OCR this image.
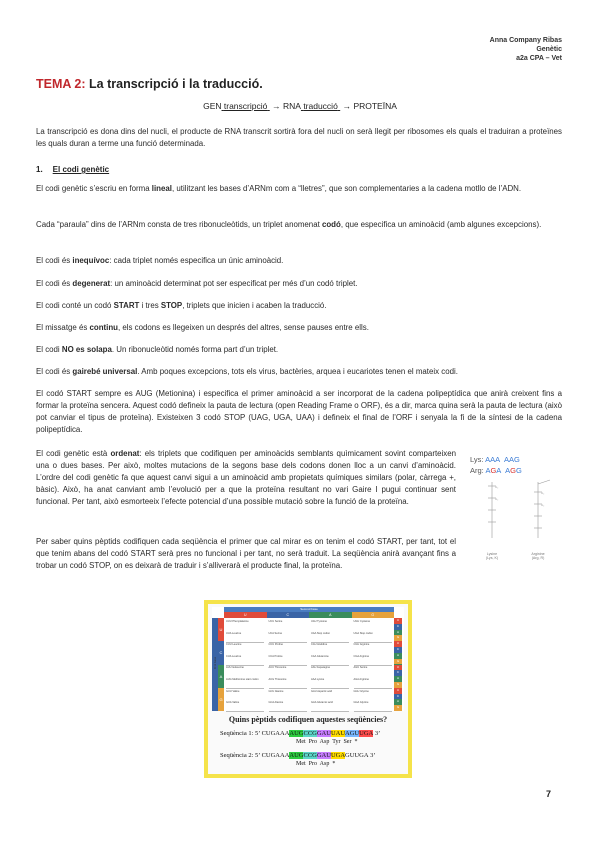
Anna Company Ribas
Genètic
a2a CPA – Vet
TEMA 2: La transcripció i la traducció.
GEN transcripció → RNA traducció → PROTEÏNA
La transcripció es dona dins del nucli, el producte de RNA transcrit sortirà fora del nucli on serà llegit per ribosomes els quals el traduiran a proteïnes les quals duran a terme una funció determinada.
1. El codi genètic
El codi genètic s’escriu en forma lineal, utilitzant les bases d’ARNm com a “lletres”, que son complementaries a la cadena motllo de l’ADN.
Cada “paraula” dins de l’ARNm consta de tres ribonucleòtids, un triplet anomenat codó, que especifica un aminoàcid (amb algunes excepcions).
El codi és inequívoc: cada triplet només especifica un únic aminoàcid.
El codi és degenerat: un aminoàcid determinat pot ser especificat per més d’un codó triplet.
El codi conté un codó START i tres STOP, triplets que inicien i acaben la traducció.
El missatge és continu, els codons es llegeixen un després del altres, sense pauses entre ells.
El codi NO es solapa. Un ribonucleòtid només forma part d’un triplet.
El codi és gairebé universal. Amb poques excepcions, tots els virus, bactèries, arquea i eucariotes tenen el mateix codi.
El codó START sempre es AUG (Metionina) i especifica el primer aminoàcid a ser incorporat de la cadena polipeptídica que anirà creixent fins a formar la proteïna sencera. Aquest codó defineix la pauta de lectura (open Reading Frame o ORF), és a dir, marca quina serà la pauta de lectura (això pot canviar el tipus de proteïna). Existeixen 3 codó STOP (UAG, UGA, UAA) i defineix el final de l’ORF i senyala la fi de la síntesi de la cadena polipeptídica.
El codi genètic està ordenat: els triplets que codifiquen per aminoàcids semblants quìmicament sovint comparteixen una o dues bases. Per això, moltes mutacions de la segons base dels codons donen lloc a un canvi d’aminoàcid. L’ordre del codi genètic fa que aquest canvi sigui a un aminoàcid amb propietats químiques similars (polar, càrrega +, bàsic). Això, ha anat canviant amb l’evolució per a que la proteïna resultant no vari Gaire I pugui continuar sent funcional. Per tant, això esmorteeix l’efecte potencial d’una possible mutació sobre la funció de la proteïna.
Per saber quins pèptids codifiquen cada seqüència el primer que cal mirar es on tenim el codó START, per tant, tot el que tenim abans del codó START serà pres no funcional i per tant, no serà traduit. La seqüència anirà avançant fins a trobar un codó STOP, on es deixarà de traduir i s’alliverarà el producte final, la proteïna.
Lys: AAA AAG
Arg: AGA AGG
H₂
H₂
H₂
H₂
Lysine
(Lys, K)
Arginine
(Arg, R)
Second base
U	C	A	G
First base
U
C
A
G
UUU Phenylalanine	UCU Serine	UAU Tyrosine	UGU Cysteine
UUA Leucine	UCA Serine	UAA Stop codon	UGA Stop codon
CUU Leucine	CCU Proline	CAU Histidine	CGU Arginine
CUA Leucine	CCA Proline	CAA Glutamine	CGA Arginine
AUU Isoleucine	ACU Threonine	AAU Asparagine	AGU Serine
AUG Methionine start codon	ACG Threonine	AAA Lysine	AGA Arginine
GUU Valine	GCU Alanine	GAU Aspartic acid	GGU Glycine
GUA Valine	GCA Alanine	GAA Glutamic acid	GGA Glycine
U
C
A
G
U
C
A
G
U
C
A
G
U
C
A
G
Quins pèptids codifiquen aquestes seqüències?
Seqüència 1: 5’ CUGAAAAUGCCGGAUUAUAGUUGA 3’
Met  Pro  Asp  Tyr  Ser  *
Seqüència 2: 5’ CUGAAAAUGCCGGAUUGAGUUGA 3’
Met  Pro  Asp  *
7
